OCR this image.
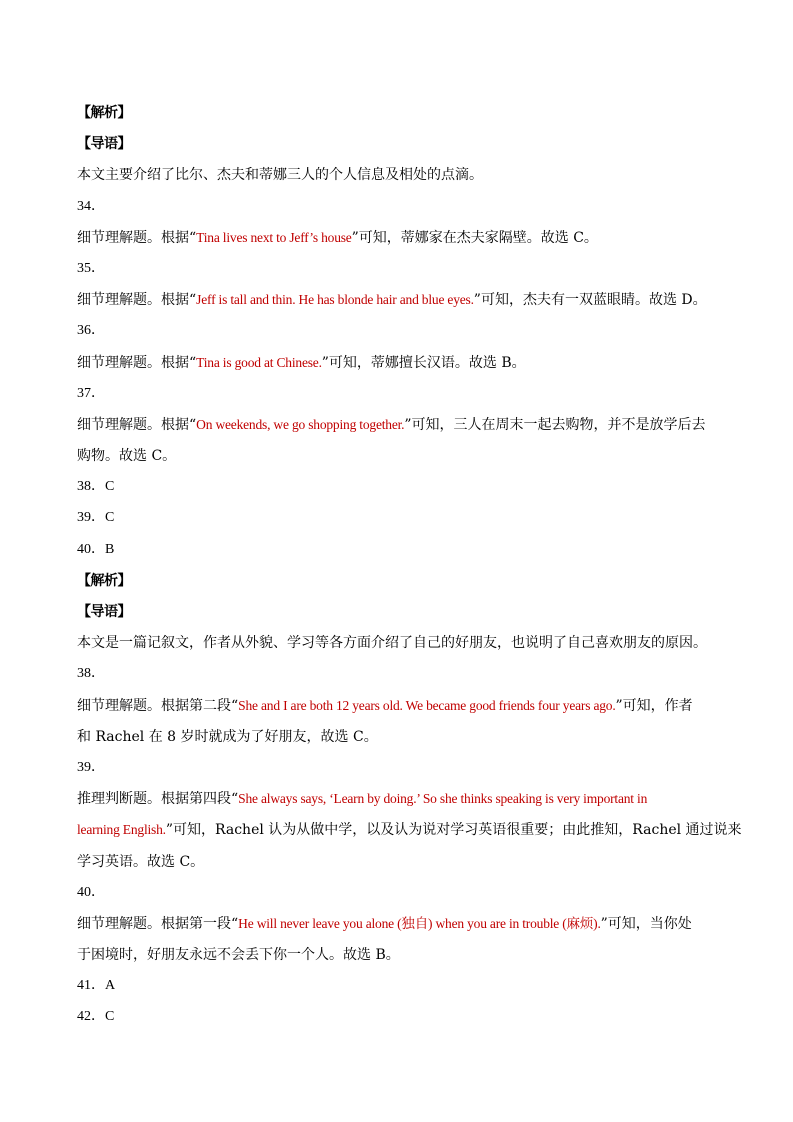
【解析】
【导语】
本文主要介绍了比尔、杰夫和蒂娜三人的个人信息及相处的点滴。
34．
细节理解题。根据“Tina lives next to Jeff’s house”可知，蒂娜家在杰夫家隔壁。故选 C。
35．
细节理解题。根据“Jeff is tall and thin. He has blonde hair and blue eyes.”可知，杰夫有一双蓝眼睛。故选 D。
36．
细节理解题。根据“Tina is good at Chinese.”可知，蒂娜擅长汉语。故选 B。
37．
细节理解题。根据“On weekends, we go shopping together.”可知，三人在周末一起去购物，并不是放学后去
购物。故选 C。
38．C
39．C
40．B
【解析】
【导语】
本文是一篇记叙文，作者从外貌、学习等各方面介绍了自己的好朋友，也说明了自己喜欢朋友的原因。
38．
细节理解题。根据第二段“She and I are both 12 years old. We became good friends four years ago.”可知，作者
和 Rachel 在 8 岁时就成为了好朋友，故选 C。
39．
推理判断题。根据第四段“She always says, ‘Learn by doing.’ So she thinks speaking is very important in
learning English.”可知，Rachel 认为从做中学，以及认为说对学习英语很重要；由此推知，Rachel 通过说来
学习英语。故选 C。
40．
细节理解题。根据第一段“He will never leave you alone (独自) when you are in trouble (麻烦).”可知，当你处
于困境时，好朋友永远不会丢下你一个人。故选 B。
41．A
42．C
